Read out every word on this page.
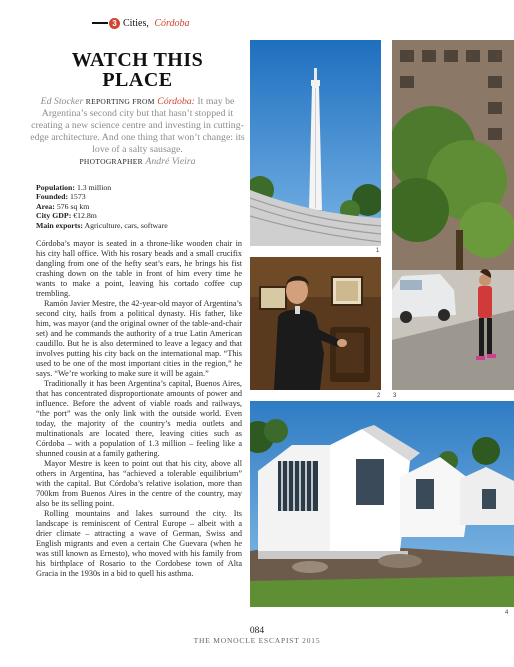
3 Cities,
Córdoba
WATCH THIS
PLACE

Ed Stocker REPORTING FROM Córdoba: It may be Argentina’s second city but that hasn’t stopped it creating a new science centre and investing in cutting-edge architecture. And one thing that won’t change: its love of a salty sausage.
PHOTOGRAPHER André Vieira

Population: 1.3 million
Founded: 1573
Area: 576 sq km
City GDP: €12.8m
Main exports: Agriculture, cars, software

Córdoba’s mayor is seated in a throne-like wooden chair in his city hall office. With his rosary beads and a small crucifix dangling from one of the hefty seat’s ears, he brings his fist crashing down on the table in front of him every time he wants to make a point, leaving his cortado coffee cup trembling.

Ramón Javier Mestre, the 42-year-old mayor of Argentina’s second city, hails from a political dynasty. His father, like him, was mayor (and the original owner of the table-and-chair set) and he commands the authority of a true Latin American caudillo. But he is also determined to leave a legacy and that involves putting his city back on the international map. “This used to be one of the most important cities in the region,” he says. “We’re working to make sure it will be again.”

Traditionally it has been Argentina’s capital, Buenos Aires, that has concentrated disproportionate amounts of power and influence. Before the advent of viable roads and railways, “the port” was the only link with the outside world. Even today, the majority of the country’s media outlets and multinationals are located there, leaving cities such as Córdoba – with a population of 1.3 million – feeling like a shunned cousin at a family gathering.

Mayor Mestre is keen to point out that his city, above all others in Argentina, has “achieved a tolerable equilibrium” with the capital. But Córdoba’s relative isolation, more than 700km from Buenos Aires in the centre of the country, may also be its selling point.

Rolling mountains and lakes surround the city. Its landscape is reminiscent of Central Europe – albeit with a drier climate – attracting a wave of German, Swiss and English migrants and even a certain Che Guevara (when he was still known as Ernesto), who moved with his family from his birthplace of Rosario to the Cordobese town of Alta Gracia in the 1930s in a bid to quell his asthma.

1
2 3
4
084
THE MONOCLE ESCAPIST 2015
